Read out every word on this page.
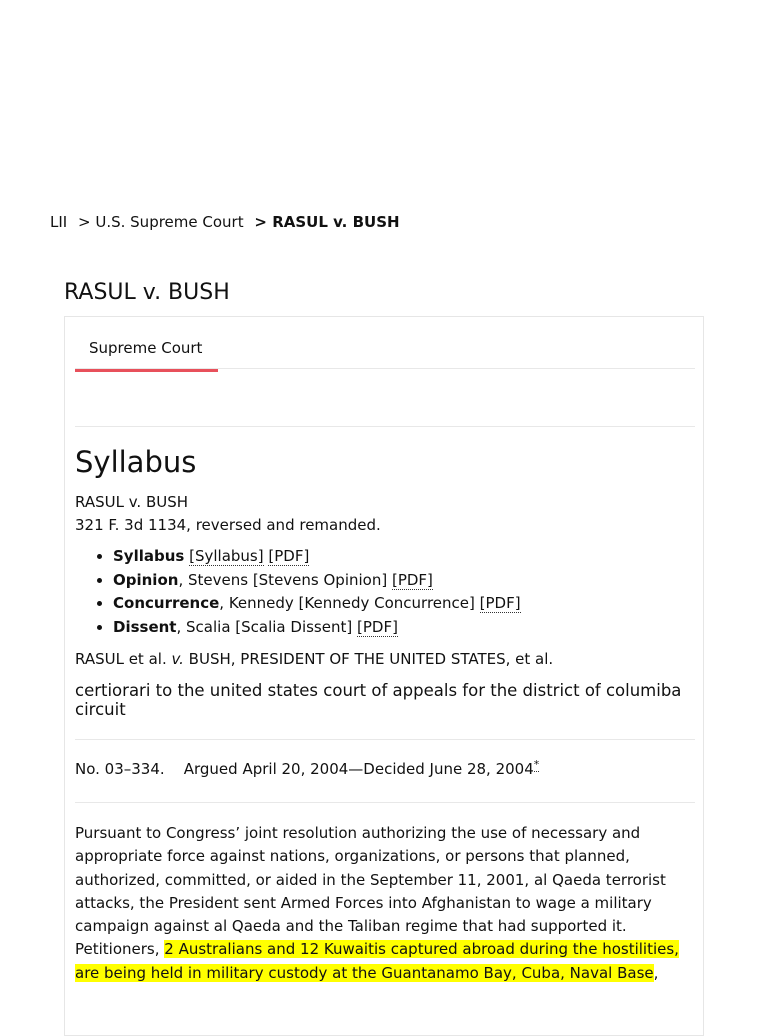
LII > U.S. Supreme Court > RASUL v. BUSH
RASUL v. BUSH
Supreme Court
Syllabus
RASUL v. BUSH
321 F. 3d 1134, reversed and remanded.
• Syllabus [Syllabus] [PDF]
• Opinion, Stevens [Stevens Opinion] [PDF]
• Concurrence, Kennedy [Kennedy Concurrence] [PDF]
• Dissent, Scalia [Scalia Dissent] [PDF]
RASUL et al. v. BUSH, PRESIDENT OF THE UNITED STATES, et al.
certiorari to the united states court of appeals for the district of columiba circuit
No. 03–334. Argued April 20, 2004—Decided June 28, 2004*
Pursuant to Congress’ joint resolution authorizing the use of necessary and appropriate force against nations, organizations, or persons that planned, authorized, committed, or aided in the September 11, 2001, al Qaeda terrorist attacks, the President sent Armed Forces into Afghanistan to wage a military campaign against al Qaeda and the Taliban regime that had supported it. Petitioners, 2 Australians and 12 Kuwaitis captured abroad during the hostilities, are being held in military custody at the Guantanamo Bay, Cuba, Naval Base,
